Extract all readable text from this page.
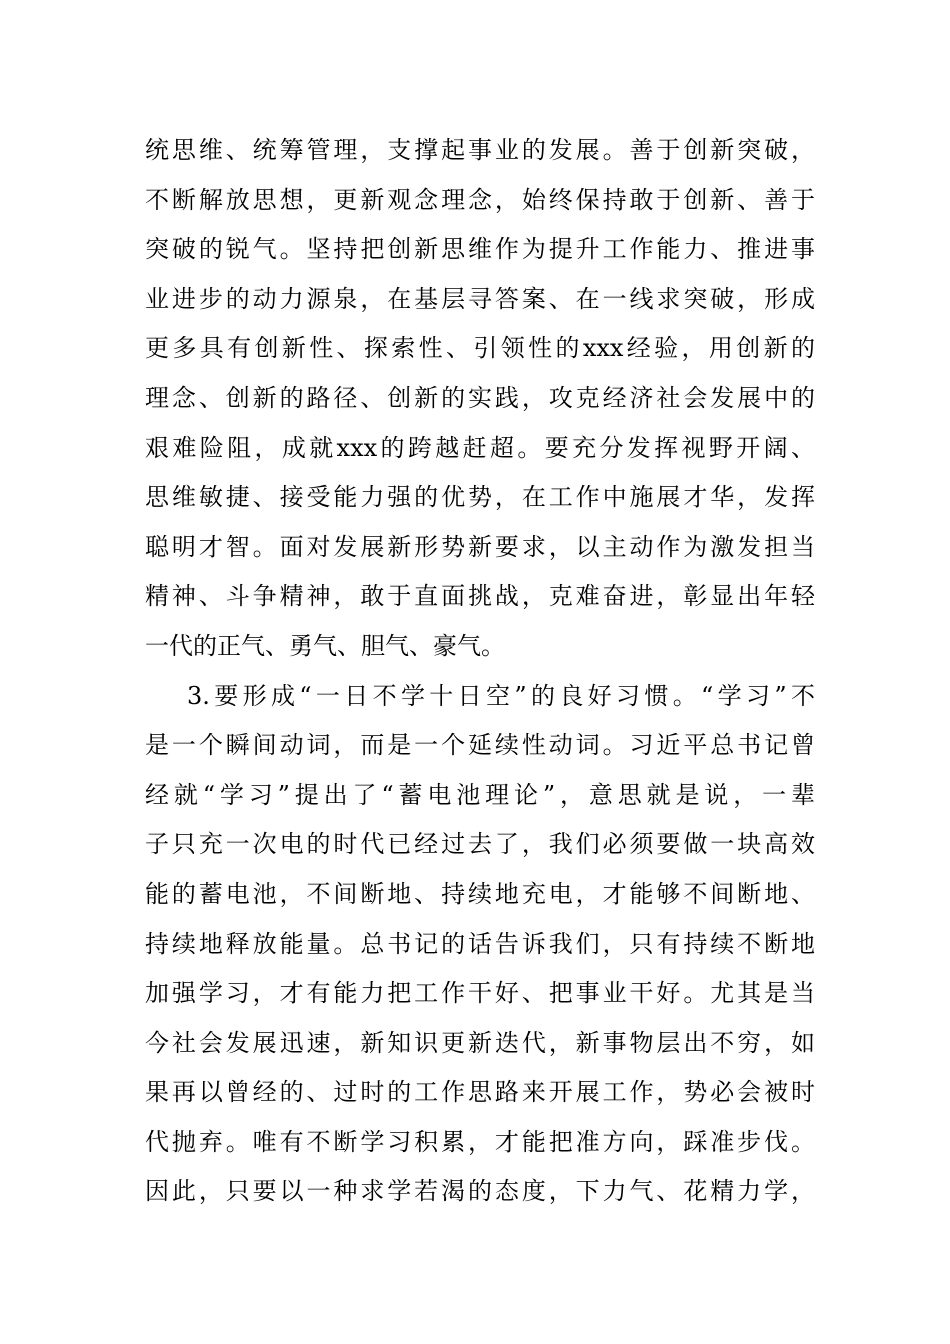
统思维、统筹管理，支撑起事业的发展。善于创新突破，
不断解放思想，更新观念理念，始终保持敢于创新、善于
突破的锐气。坚持把创新思维作为提升工作能力、推进事
业进步的动力源泉，在基层寻答案、在一线求突破，形成
更多具有创新性、探索性、引领性的xxx经验，用创新的
理念、创新的路径、创新的实践，攻克经济社会发展中的
艰难险阻，成就xxx的跨越赶超。要充分发挥视野开阔、
思维敏捷、接受能力强的优势，在工作中施展才华，发挥
聪明才智。面对发展新形势新要求，以主动作为激发担当
精神、斗争精神，敢于直面挑战，克难奋进，彰显出年轻
一代的正气、勇气、胆气、豪气。
3.要形成“一日不学十日空”的良好习惯。“学习”不
是一个瞬间动词，而是一个延续性动词。习近平总书记曾
经就“学习”提出了“蓄电池理论”，意思就是说，一辈
子只充一次电的时代已经过去了，我们必须要做一块高效
能的蓄电池，不间断地、持续地充电，才能够不间断地、
持续地释放能量。总书记的话告诉我们，只有持续不断地
加强学习，才有能力把工作干好、把事业干好。尤其是当
今社会发展迅速，新知识更新迭代，新事物层出不穷，如
果再以曾经的、过时的工作思路来开展工作，势必会被时
代抛弃。唯有不断学习积累，才能把准方向，踩准步伐。
因此，只要以一种求学若渴的态度，下力气、花精力学，
